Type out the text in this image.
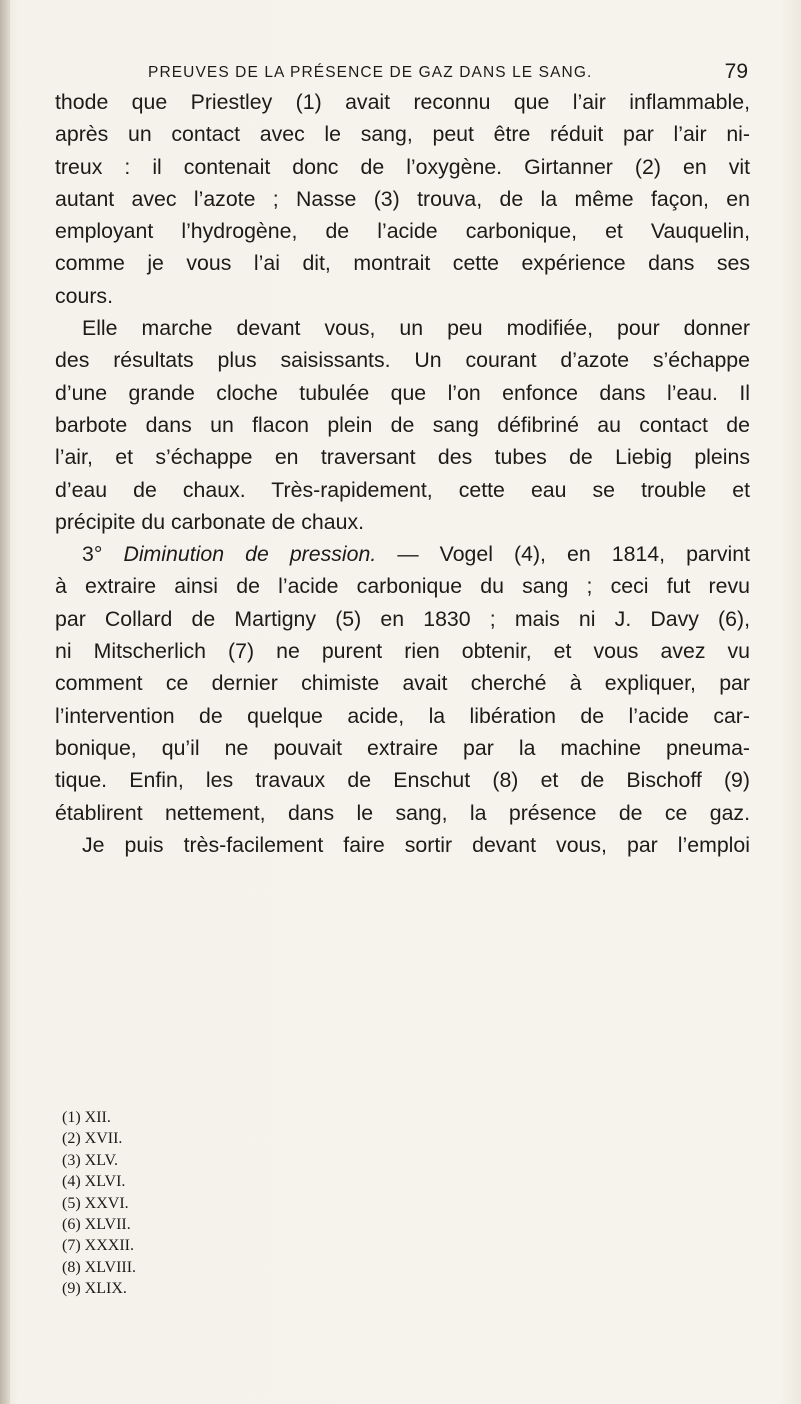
PREUVES DE LA PRÉSENCE DE GAZ DANS LE SANG.	79
thode que Priestley (1) avait reconnu que l’air inflammable,
après un contact avec le sang, peut être réduit par l’air ni-
treux : il contenait donc de l’oxygène. Girtanner (2) en vit
autant avec l’azote ; Nasse (3) trouva, de la même façon, en
employant l’hydrogène, de l’acide carbonique, et Vauquelin,
comme je vous l’ai dit, montrait cette expérience dans ses
cours.
Elle marche devant vous, un peu modifiée, pour donner
des résultats plus saisissants. Un courant d’azote s’échappe
d’une grande cloche tubulée que l’on enfonce dans l’eau. Il
barbote dans un flacon plein de sang défibriné au contact de
l’air, et s’échappe en traversant des tubes de Liebig pleins
d’eau de chaux. Très-rapidement, cette eau se trouble et
précipite du carbonate de chaux.
3° Diminution de pression. — Vogel (4), en 1814, parvint
à extraire ainsi de l’acide carbonique du sang ; ceci fut revu
par Collard de Martigny (5) en 1830 ; mais ni J. Davy (6),
ni Mitscherlich (7) ne purent rien obtenir, et vous avez vu
comment ce dernier chimiste avait cherché à expliquer, par
l’intervention de quelque acide, la libération de l’acide car-
bonique, qu’il ne pouvait extraire par la machine pneuma-
tique. Enfin, les travaux de Enschut (8) et de Bischoff (9)
établirent nettement, dans le sang, la présence de ce gaz.
Je puis très-facilement faire sortir devant vous, par l’emploi
(1) XII.
(2) XVII.
(3) XLV.
(4) XLVI.
(5) XXVI.
(6) XLVII.
(7) XXXII.
(8) XLVIII.
(9) XLIX.
